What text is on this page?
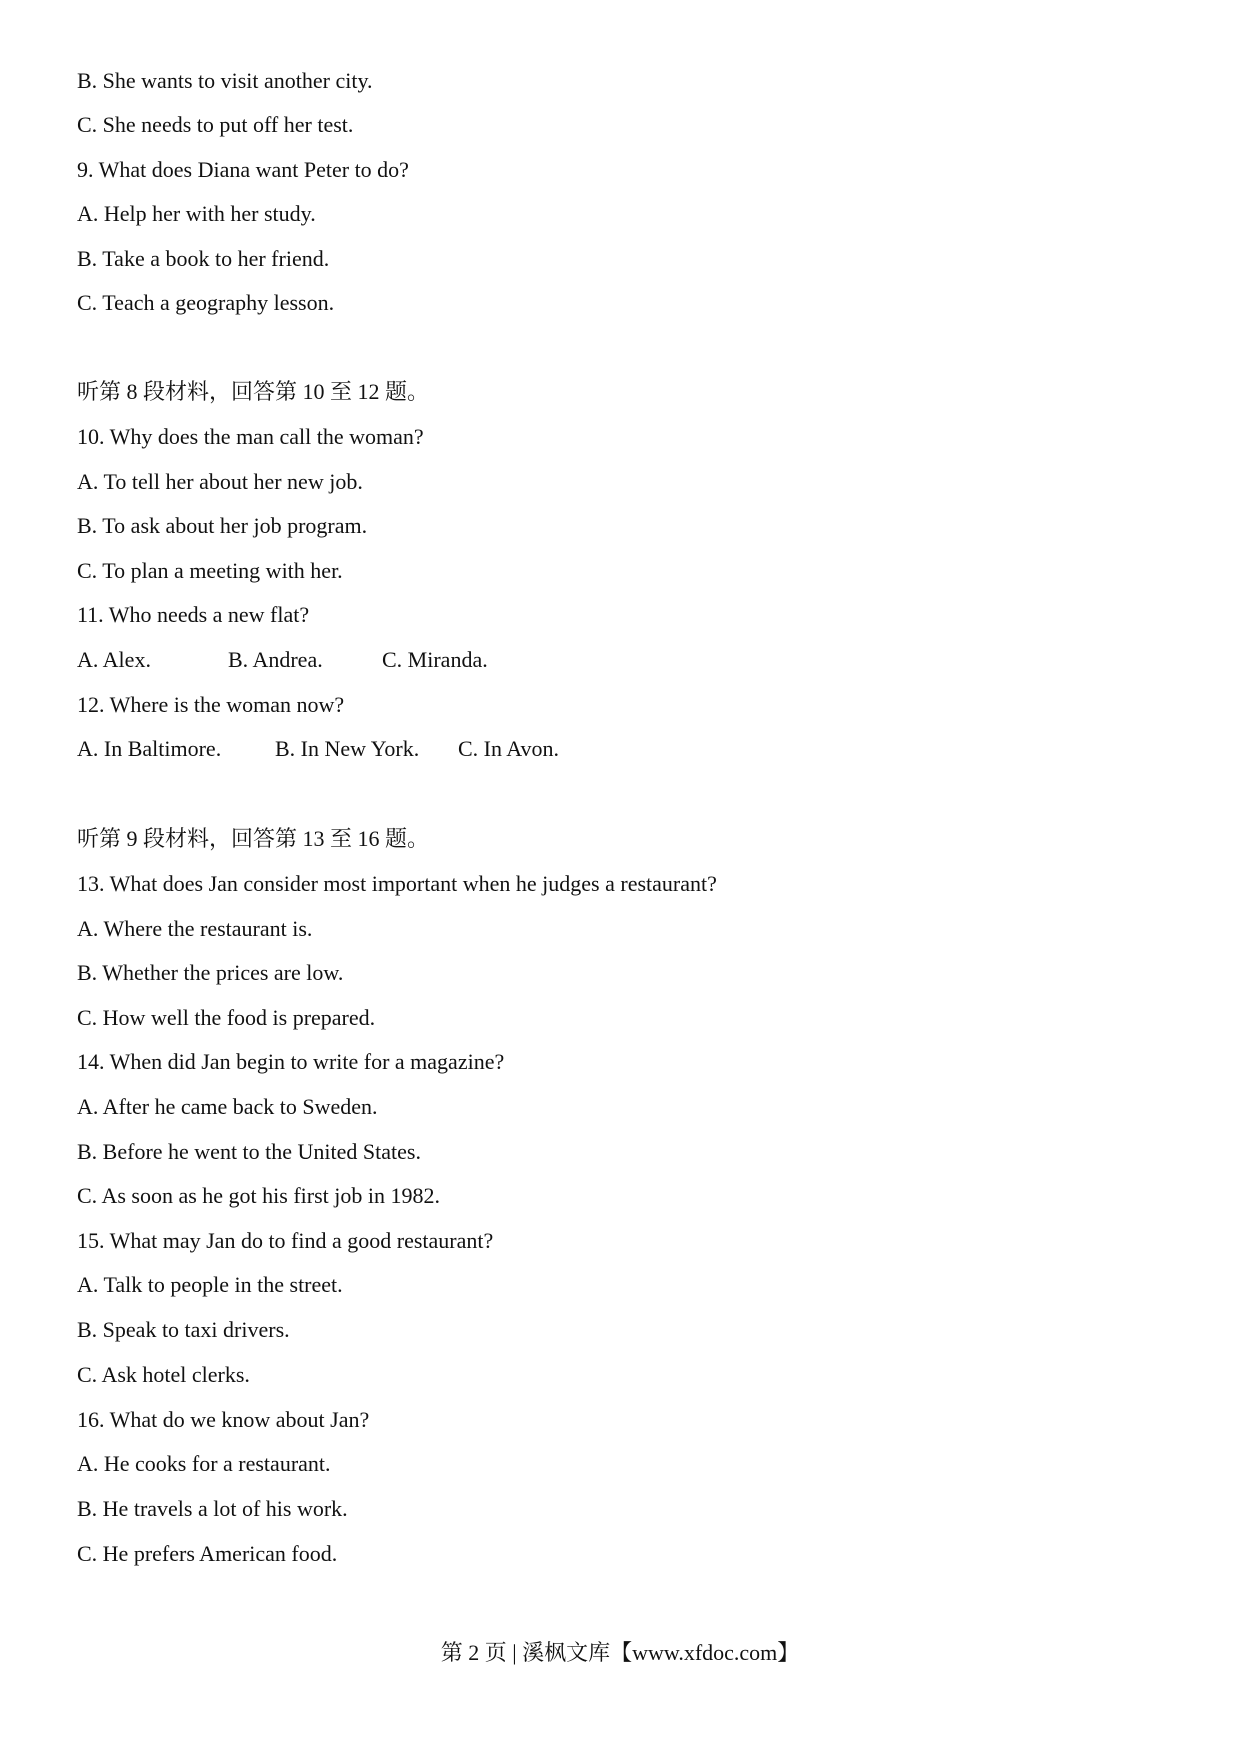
B. She wants to visit another city.
C. She needs to put off her test.
9. What does Diana want Peter to do?
A. Help her with her study.
B. Take a book to her friend.
C. Teach a geography lesson.
听第 8 段材料，回答第 10 至 12 题。
10. Why does the man call the woman?
A. To tell her about her new job.
B. To ask about her job program.
C. To plan a meeting with her.
11. Who needs a new flat?
A. Alex.	B. Andrea.	C. Miranda.
12. Where is the woman now?
A. In Baltimore. B. In New York. C. In Avon.
听第 9 段材料，回答第 13 至 16 题。
13. What does Jan consider most important when he judges a restaurant?
A. Where the restaurant is.
B. Whether the prices are low.
C. How well the food is prepared.
14. When did Jan begin to write for a magazine?
A. After he came back to Sweden.
B. Before he went to the United States.
C. As soon as he got his first job in 1982.
15. What may Jan do to find a good restaurant?
A. Talk to people in the street.
B. Speak to taxi drivers.
C. Ask hotel clerks.
16. What do we know about Jan?
A. He cooks for a restaurant.
B. He travels a lot of his work.
C. He prefers American food.
第 2 页 | 溪枫文库【www.xfdoc.com】
